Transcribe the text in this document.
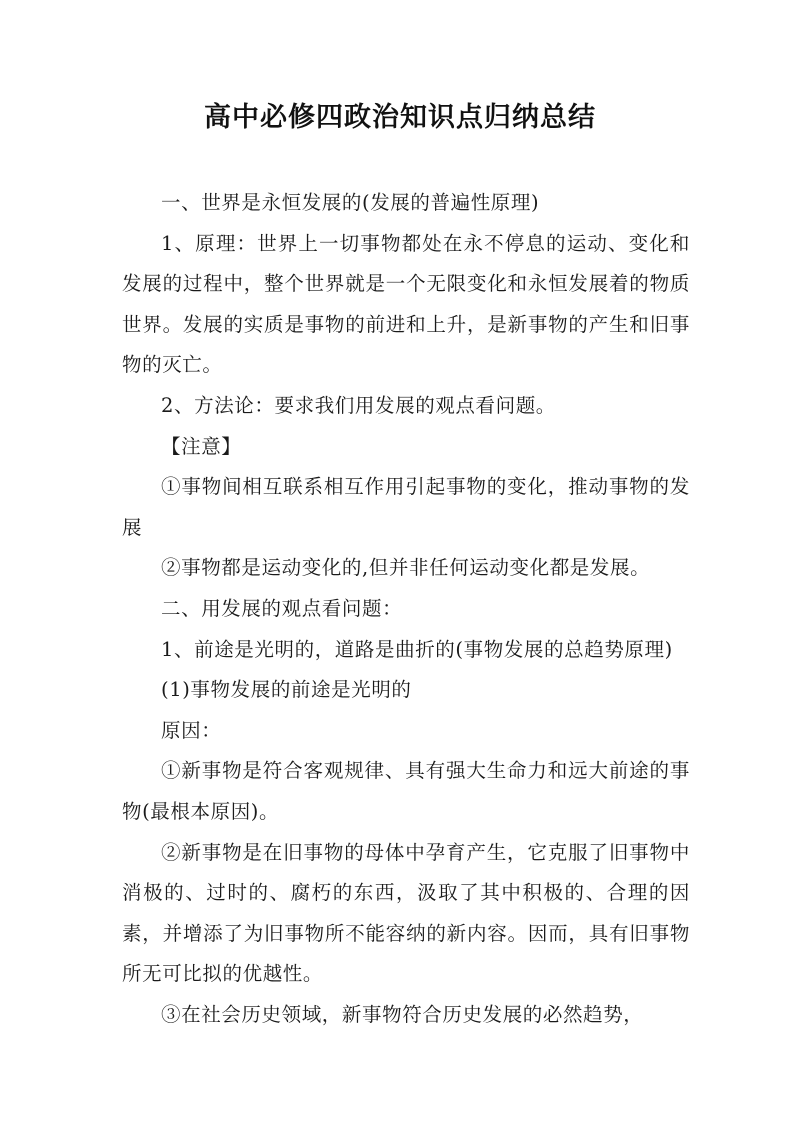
高中必修四政治知识点归纳总结

一、世界是永恒发展的(发展的普遍性原理)

1、原理：世界上一切事物都处在永不停息的运动、变化和发展的过程中，整个世界就是一个无限变化和永恒发展着的物质世界。发展的实质是事物的前进和上升，是新事物的产生和旧事物的灭亡。

2、方法论：要求我们用发展的观点看问题。

【注意】

①事物间相互联系相互作用引起事物的变化，推动事物的发展

②事物都是运动变化的,但并非任何运动变化都是发展。

二、用发展的观点看问题：

1、前途是光明的，道路是曲折的(事物发展的总趋势原理)

(1)事物发展的前途是光明的

原因：

①新事物是符合客观规律、具有强大生命力和远大前途的事物(最根本原因)。

②新事物是在旧事物的母体中孕育产生，它克服了旧事物中消极的、过时的、腐朽的东西，汲取了其中积极的、合理的因素，并增添了为旧事物所不能容纳的新内容。因而，具有旧事物所无可比拟的优越性。

③在社会历史领域，新事物符合历史发展的必然趋势，
